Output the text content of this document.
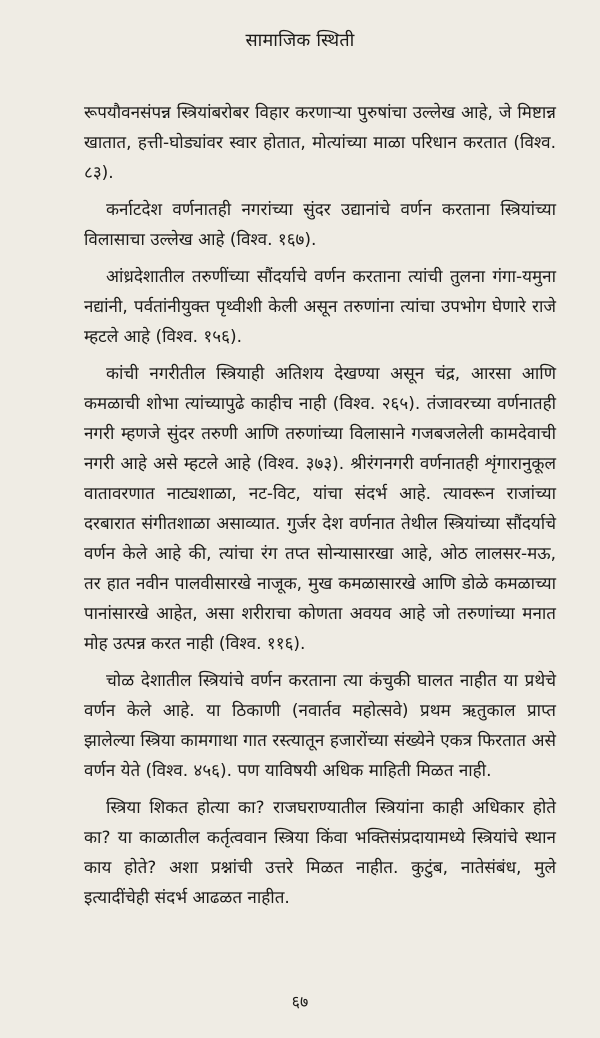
सामाजिक स्थिती

रूपयौवनसंपन्न स्त्रियांबरोबर विहार करणाऱ्या पुरुषांचा उल्लेख आहे, जे मिष्टान्न खातात, हत्ती-घोड्यांवर स्वार होतात, मोत्यांच्या माळा परिधान करतात (विश्व. ८३).

कर्नाटदेश वर्णनातही नगरांच्या सुंदर उद्यानांचे वर्णन करताना स्त्रियांच्या विलासाचा उल्लेख आहे (विश्व. १६७).

आंध्रदेशातील तरुणींच्या सौंदर्याचे वर्णन करताना त्यांची तुलना गंगा-यमुना नद्यांनी, पर्वतांनीयुक्त पृथ्वीशी केली असून तरुणांना त्यांचा उपभोग घेणारे राजे म्हटले आहे (विश्व. १५६).

कांची नगरीतील स्त्रियाही अतिशय देखण्या असून चंद्र, आरसा आणि कमळाची शोभा त्यांच्यापुढे काहीच नाही (विश्व. २६५). तंजावरच्या वर्णनातही नगरी म्हणजे सुंदर तरुणी आणि तरुणांच्या विलासाने गजबजलेली कामदेवाची नगरी आहे असे म्हटले आहे (विश्व. ३७३). श्रीरंगनगरी वर्णनातही शृंगारानुकूल वातावरणात नाट्यशाळा, नट-विट, यांचा संदर्भ आहे. त्यावरून राजांच्या दरबारात संगीतशाळा असाव्यात. गुर्जर देश वर्णनात तेथील स्त्रियांच्या सौंदर्याचे वर्णन केले आहे की, त्यांचा रंग तप्त सोन्यासारखा आहे, ओठ लालसर-मऊ, तर हात नवीन पालवीसारखे नाजूक, मुख कमळासारखे आणि डोळे कमळाच्या पानांसारखे आहेत, असा शरीराचा कोणता अवयव आहे जो तरुणांच्या मनात मोह उत्पन्न करत नाही (विश्व. ११६).

चोळ देशातील स्त्रियांचे वर्णन करताना त्या कंचुकी घालत नाहीत या प्रथेचे वर्णन केले आहे. या ठिकाणी (नवार्तव महोत्सवे) प्रथम ऋतुकाल प्राप्त झालेल्या स्त्रिया कामगाथा गात रस्त्यातून हजारोंच्या संख्येने एकत्र फिरतात असे वर्णन येते (विश्व. ४५६). पण याविषयी अधिक माहिती मिळत नाही.

स्त्रिया शिकत होत्या का? राजघराण्यातील स्त्रियांना काही अधिकार होते का? या काळातील कर्तृत्ववान स्त्रिया किंवा भक्तिसंप्रदायामध्ये स्त्रियांचे स्थान काय होते? अशा प्रश्नांची उत्तरे मिळत नाहीत. कुटुंब, नातेसंबंध, मुले इत्यादींचेही संदर्भ आढळत नाहीत.

६७
